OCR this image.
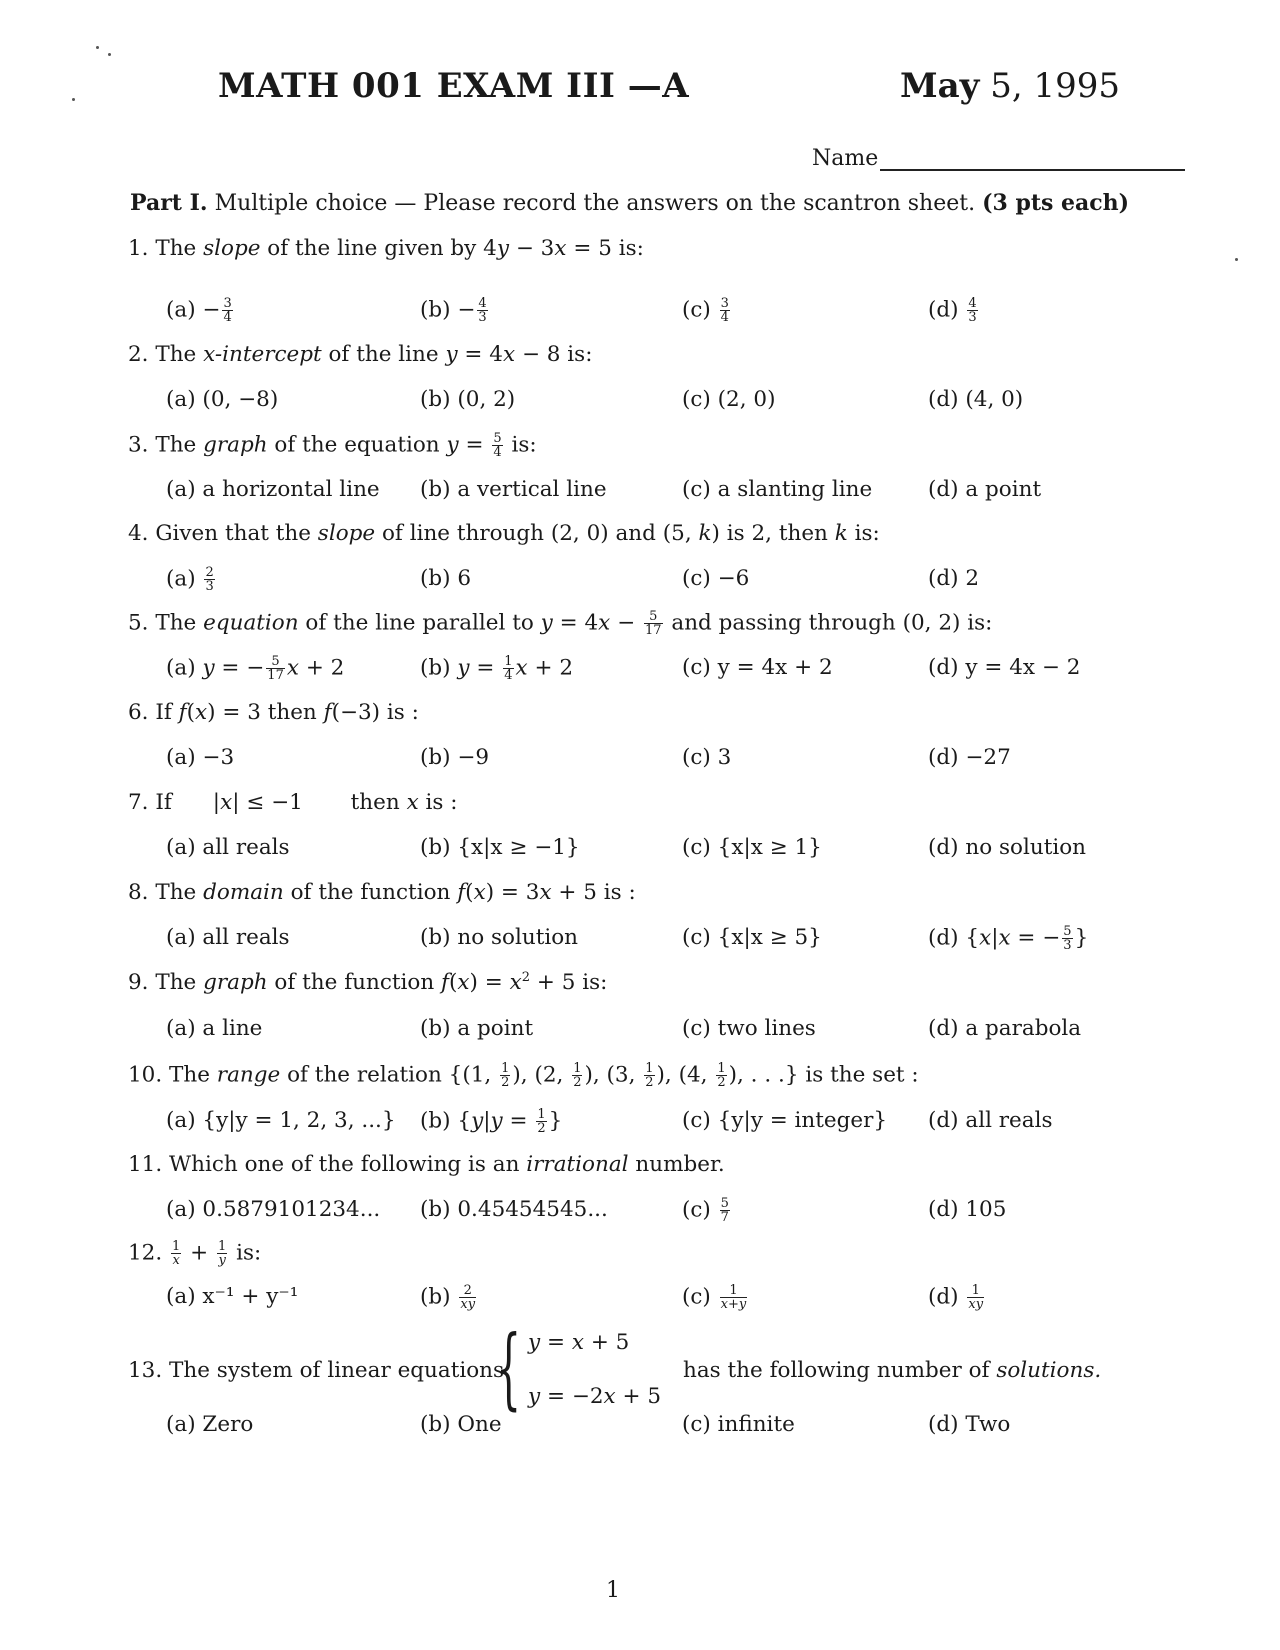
MATH 001 EXAM III —A	May 5, 1995
Name
Part I. Multiple choice — Please record the answers on the scantron sheet. (3 pts each)
1. The slope of the line given by 4y − 3x = 5 is:
$(a) - \frac{3}{4}$	$(b) - \frac{4}{3}$	$(c) \frac{3}{4}$	$(d) \frac{4}{3}$
2. The x-intercept of the line y = 4x − 8 is:
(a) (0, −8)	(b) (0, 2)	(c) (2, 0)	(d) (4, 0)
3. The graph of the equation $y = \frac{5}{4}$ is:
(a) a horizontal line (b) a vertical line	(c) a slanting line	(d) a point
4. Given that the slope of line through (2, 0) and (5, k) is 2, then k is:
$(a) \frac{2}{3}$	(b) 6	(c) −6	(d) 2
5. The equation of the line parallel to $y = 4x - \frac{5}{17}$ and passing through (0, 2) is:
(a) y = − $\frac{5}{17}$ x + 2	(b) $y = \frac{1}{4}$ x + 2	(c) y = 4x + 2	(d) y = 4x − 2
6. If f(x) = 3 then f(−3) is :
(a) −3	(b) −9	(c) 3	(d) −27
7. If      |x| ≤ −1       then x is :
(a) all reals	(b) {x|x ≥ −1}	(c) {x|x ≥ 1}	(d) no solution
8. The domain of the function f(x) = 3x + 5 is :
(a) all reals	(b) no solution	(c) {x|x ≥ 5}	(d) {x|x = − $\frac{5}{3}$ }
9. The graph of the function $f(x) = x^2 + 5$ is:
(a) a line	(b) a point	(c) two lines	(d) a parabola
10. The range of the relation {(1, $\frac{1}{2}$ ), (2, $\frac{1}{2}$ ), (3, $\frac{1}{2}$ ), (4, $\frac{1}{2}$ ), . . .} is the set :
(a) {y|y = 1, 2, 3, ...} (b) {$y|y = \frac{1}{2}$ }	(c) {y|y = integer} (d) all reals
11. Which one of the following is an irrational number.
(a) 0.5879101234... (b) 0.45454545...	$(c) \frac{5}{7}$	(d) 105
12. $\frac{1}{x} + \frac{1}{y}$ is:
(a) x⁻¹ + y⁻¹	$(b) \frac{2}{xy}$	$(c) \frac{1}{x+y}$	$(d) \frac{1}{xy}$
13. The system of linear equations
{ y = x + 5
y = −2x + 5
has the following number of solutions.
(a) Zero	(b) One	(c) infinite	(d) Two
1
